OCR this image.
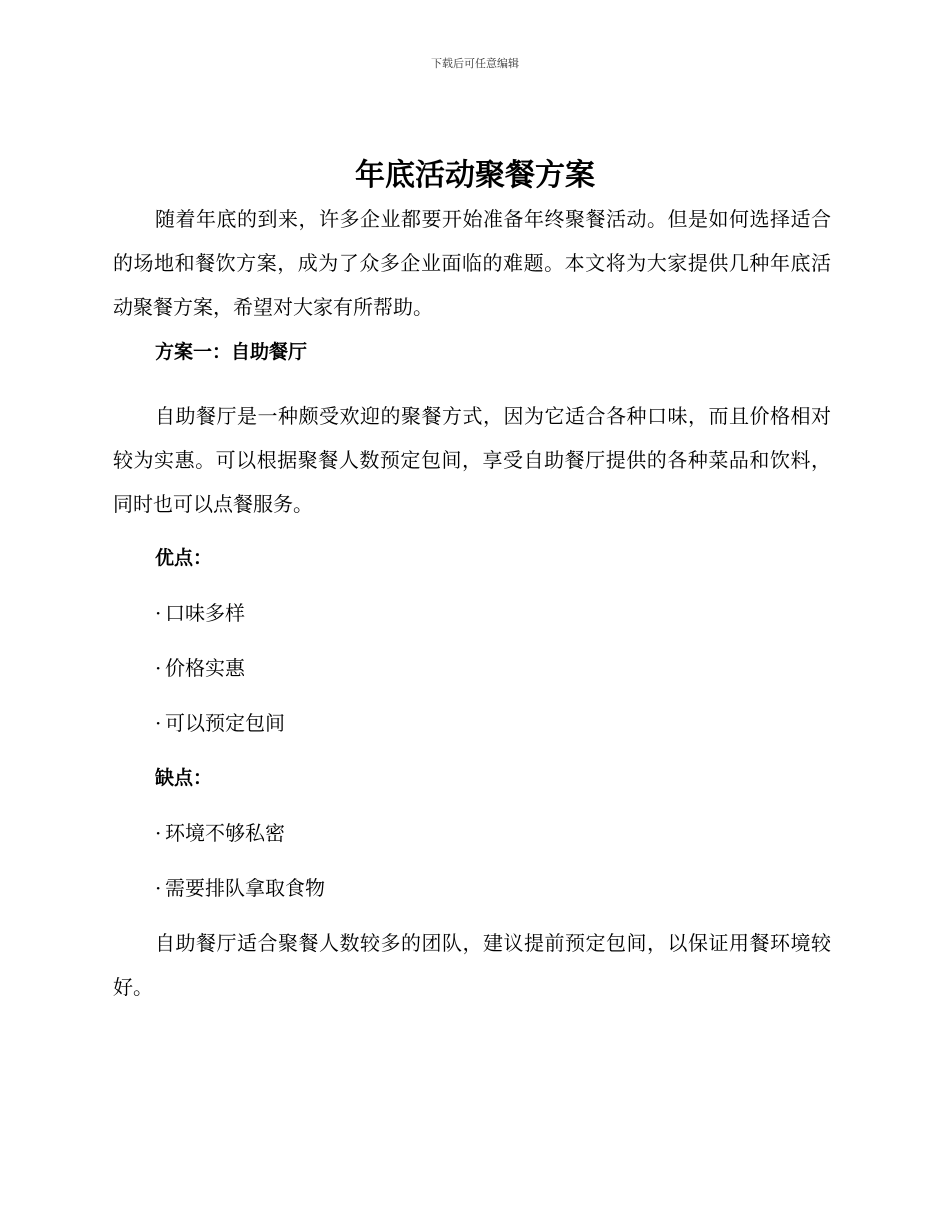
下载后可任意编辑
年底活动聚餐方案

随着年底的到来，许多企业都要开始准备年终聚餐活动。但是如何选择适合的场地和餐饮方案，成为了众多企业面临的难题。本文将为大家提供几种年底活动聚餐方案，希望对大家有所帮助。

方案一：自助餐厅

自助餐厅是一种颇受欢迎的聚餐方式，因为它适合各种口味，而且价格相对较为实惠。可以根据聚餐人数预定包间，享受自助餐厅提供的各种菜品和饮料，同时也可以点餐服务。

优点：

· 口味多样

· 价格实惠

· 可以预定包间

缺点：

· 环境不够私密

· 需要排队拿取食物

自助餐厅适合聚餐人数较多的团队，建议提前预定包间，以保证用餐环境较好。
